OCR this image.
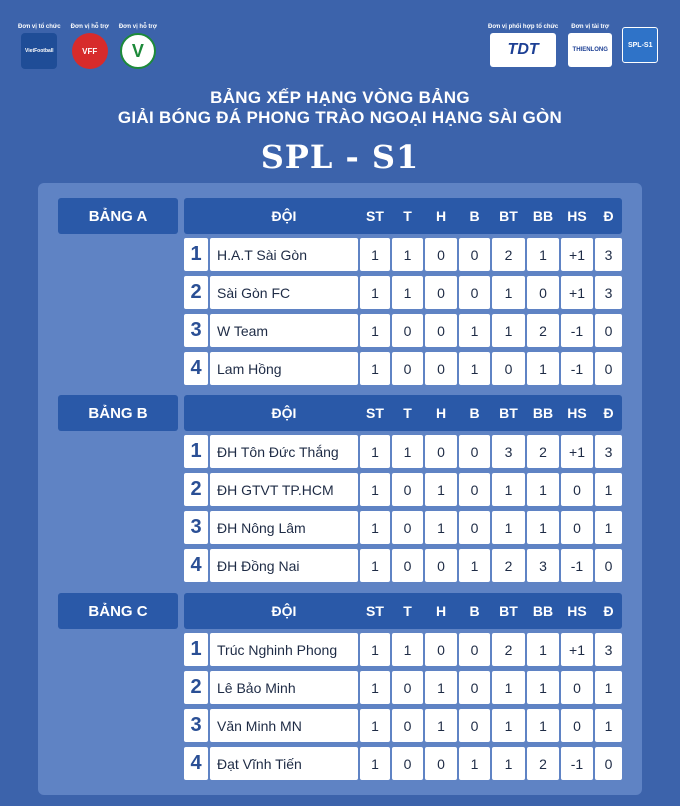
Đơn vị tổ chức
VietFootball
Đơn vị hỗ trợ
VFF
Đơn vị hỗ trợ
V
Đơn vị phối hợp tổ chức
TDT
Đơn vị tài trợ
THIENLONG
SPL-S1
BẢNG XẾP HẠNG VÒNG BẢNG
GIẢI BÓNG ĐÁ PHONG TRÀO NGOẠI HẠNG SÀI GÒN
SPL - S1
BẢNG A	ĐỘI	ST	T	H	B	BT	BB	HS	Đ
1	H.A.T Sài Gòn	1	1	0	0	2	1	+1	3
2	Sài Gòn FC	1	1	0	0	1	0	+1	3
3	W Team	1	0	0	1	1	2	-1	0
4	Lam Hồng	1	0	0	1	0	1	-1	0
BẢNG B	ĐỘI	ST	T	H	B	BT	BB	HS	Đ
1	ĐH Tôn Đức Thắng	1	1	0	0	3	2	+1	3
2	ĐH GTVT TP.HCM	1	0	1	0	1	1	0	1
3	ĐH Nông Lâm	1	0	1	0	1	1	0	1
4	ĐH Đồng Nai	1	0	0	1	2	3	-1	0
BẢNG C	ĐỘI	ST	T	H	B	BT	BB	HS	Đ
1	Trúc Nghinh Phong	1	1	0	0	2	1	+1	3
2	Lê Bảo Minh	1	0	1	0	1	1	0	1
3	Văn Minh MN	1	0	1	0	1	1	0	1
4	Đạt Vĩnh Tiến	1	0	0	1	1	2	-1	0
